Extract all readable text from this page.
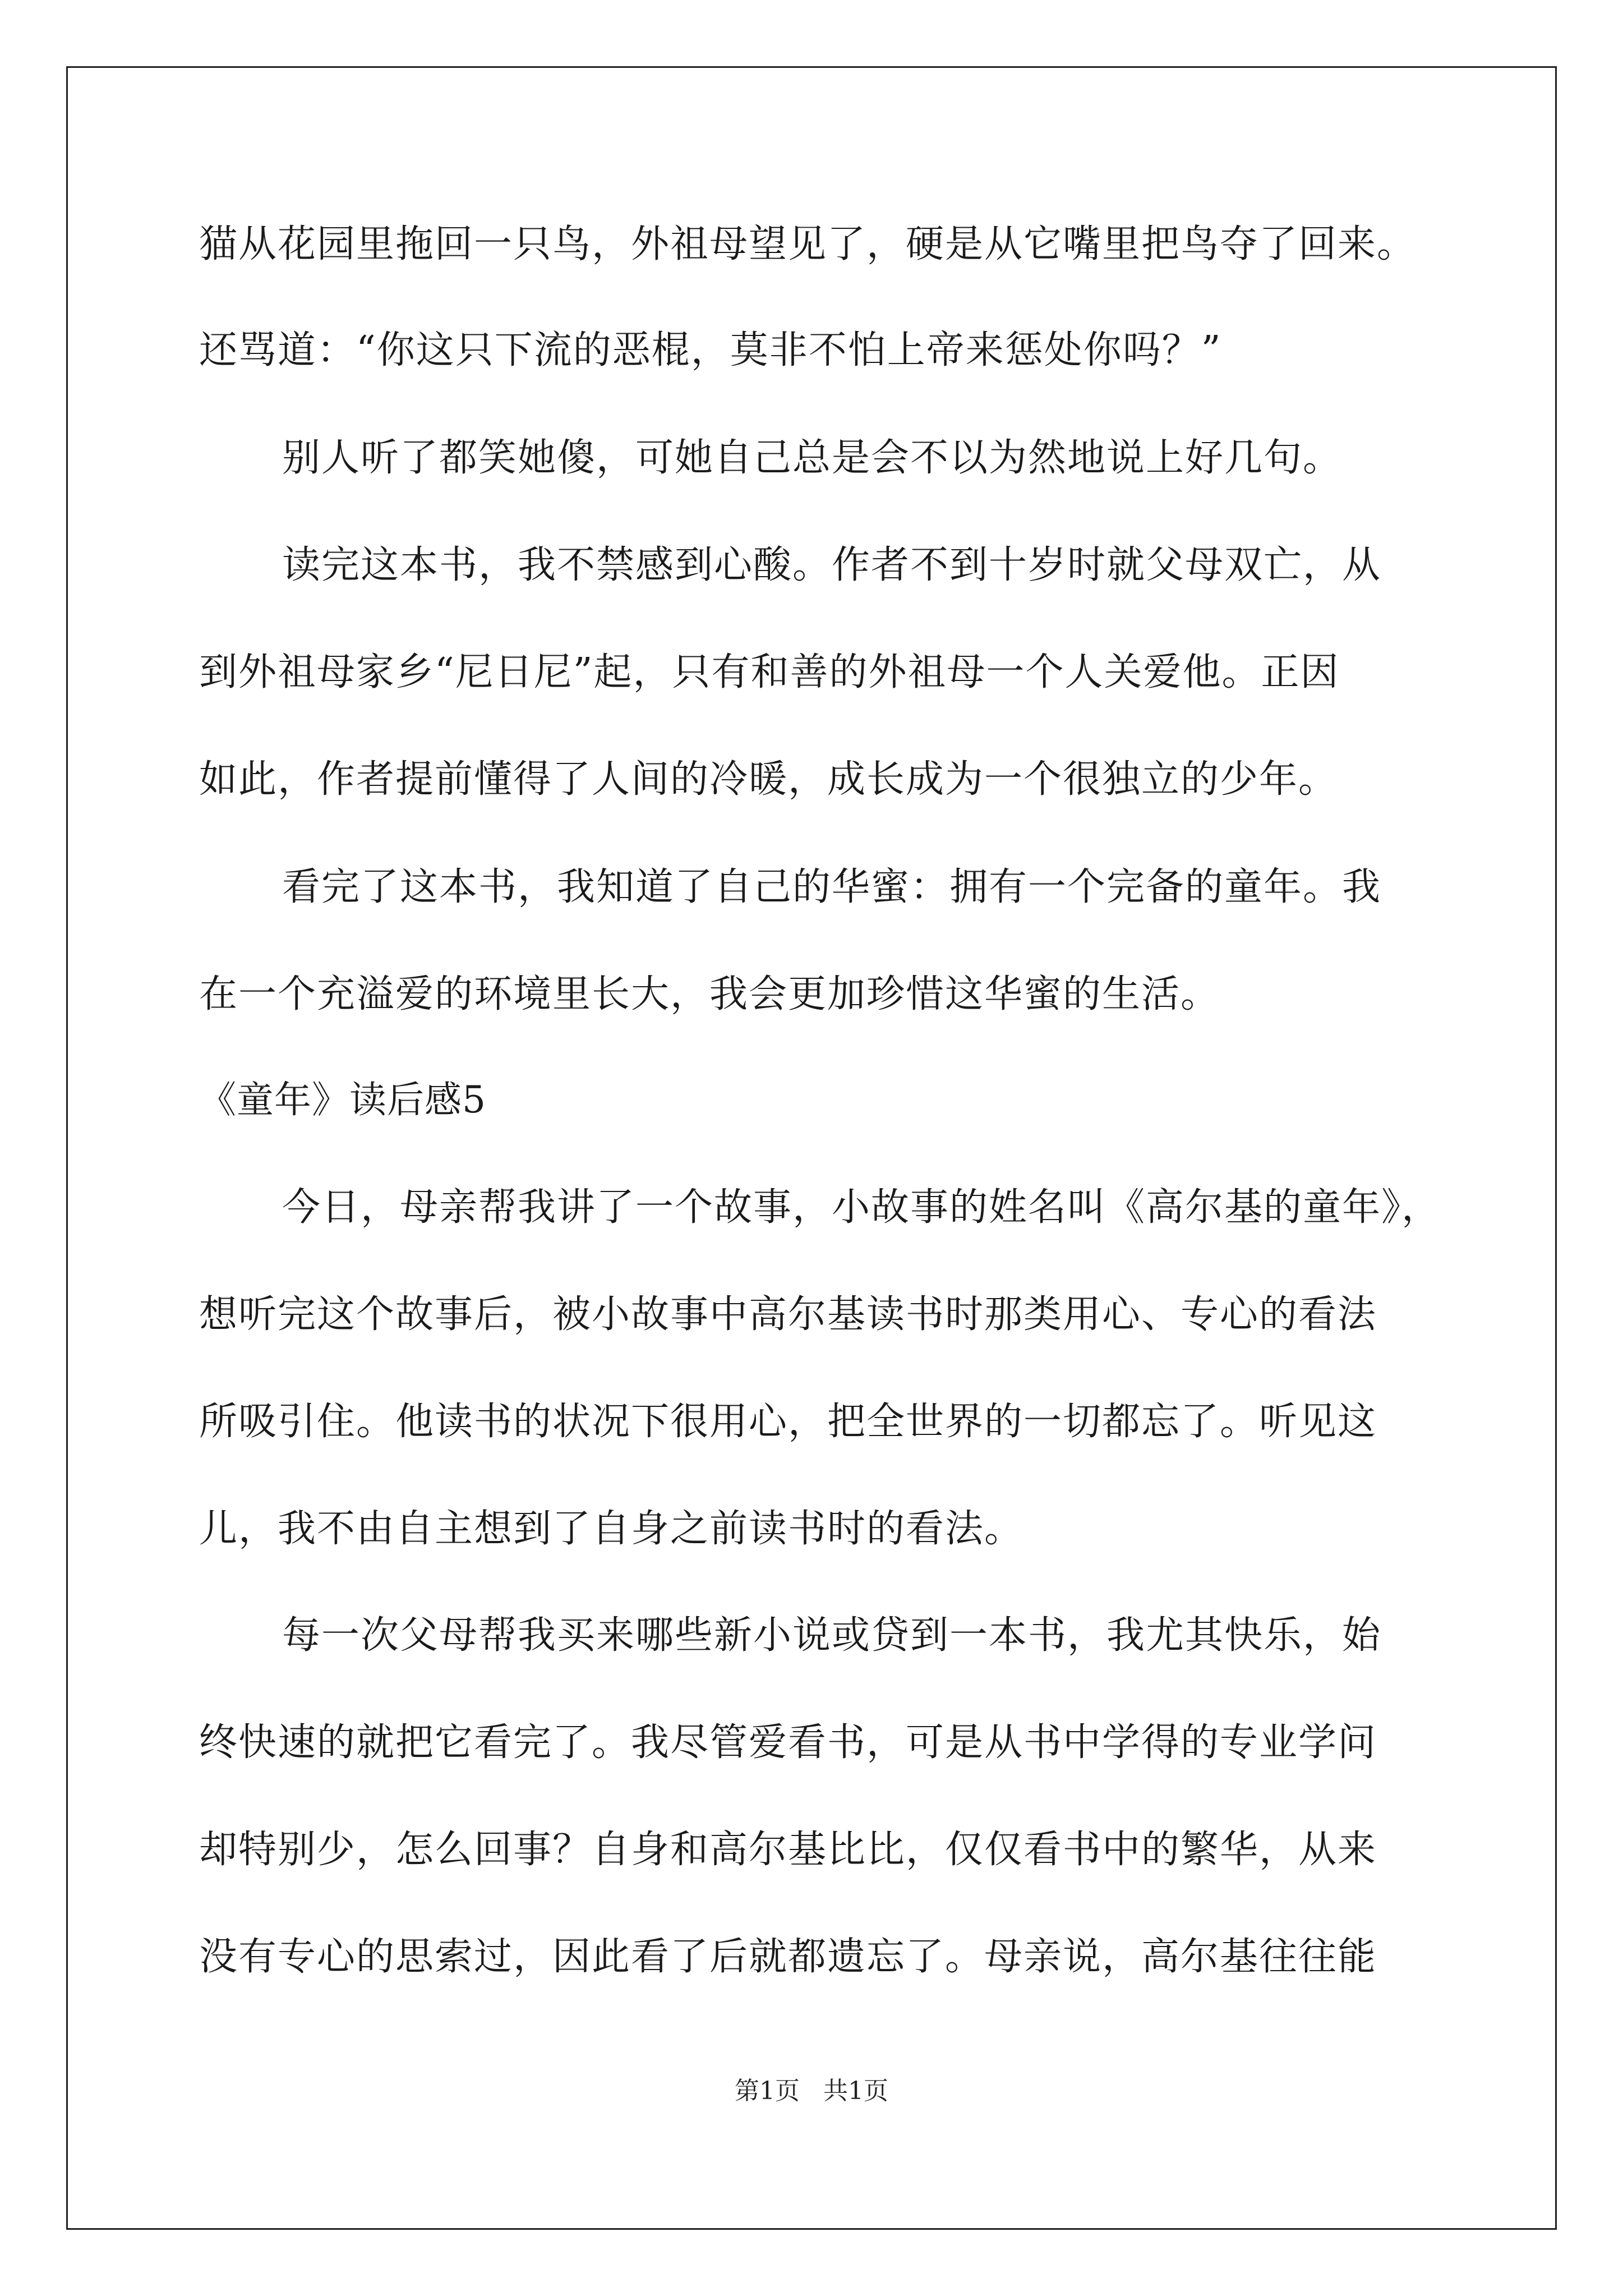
猫从花园里拖回一只鸟，外祖母望见了，硬是从它嘴里把鸟夺了回来。
还骂道：“你这只下流的恶棍，莫非不怕上帝来惩处你吗？”
别人听了都笑她傻，可她自己总是会不以为然地说上好几句。
读完这本书，我不禁感到心酸。作者不到十岁时就父母双亡，从
到外祖母家乡“尼日尼”起，只有和善的外祖母一个人关爱他。正因
如此，作者提前懂得了人间的冷暖，成长成为一个很独立的少年。
看完了这本书，我知道了自己的华蜜：拥有一个完备的童年。我
在一个充溢爱的环境里长大，我会更加珍惜这华蜜的生活。
《童年》读后感5
今日，母亲帮我讲了一个故事，小故事的姓名叫《高尔基的童年》，
想听完这个故事后，被小故事中高尔基读书时那类用心、专心的看法
所吸引住。他读书的状况下很用心，把全世界的一切都忘了。听见这
儿，我不由自主想到了自身之前读书时的看法。
每一次父母帮我买来哪些新小说或贷到一本书，我尤其快乐，始
终快速的就把它看完了。我尽管爱看书，可是从书中学得的专业学问
却特别少，怎么回事？自身和高尔基比比，仅仅看书中的繁华，从来
没有专心的思索过，因此看了后就都遗忘了。母亲说，高尔基往往能
第1页   共1页
